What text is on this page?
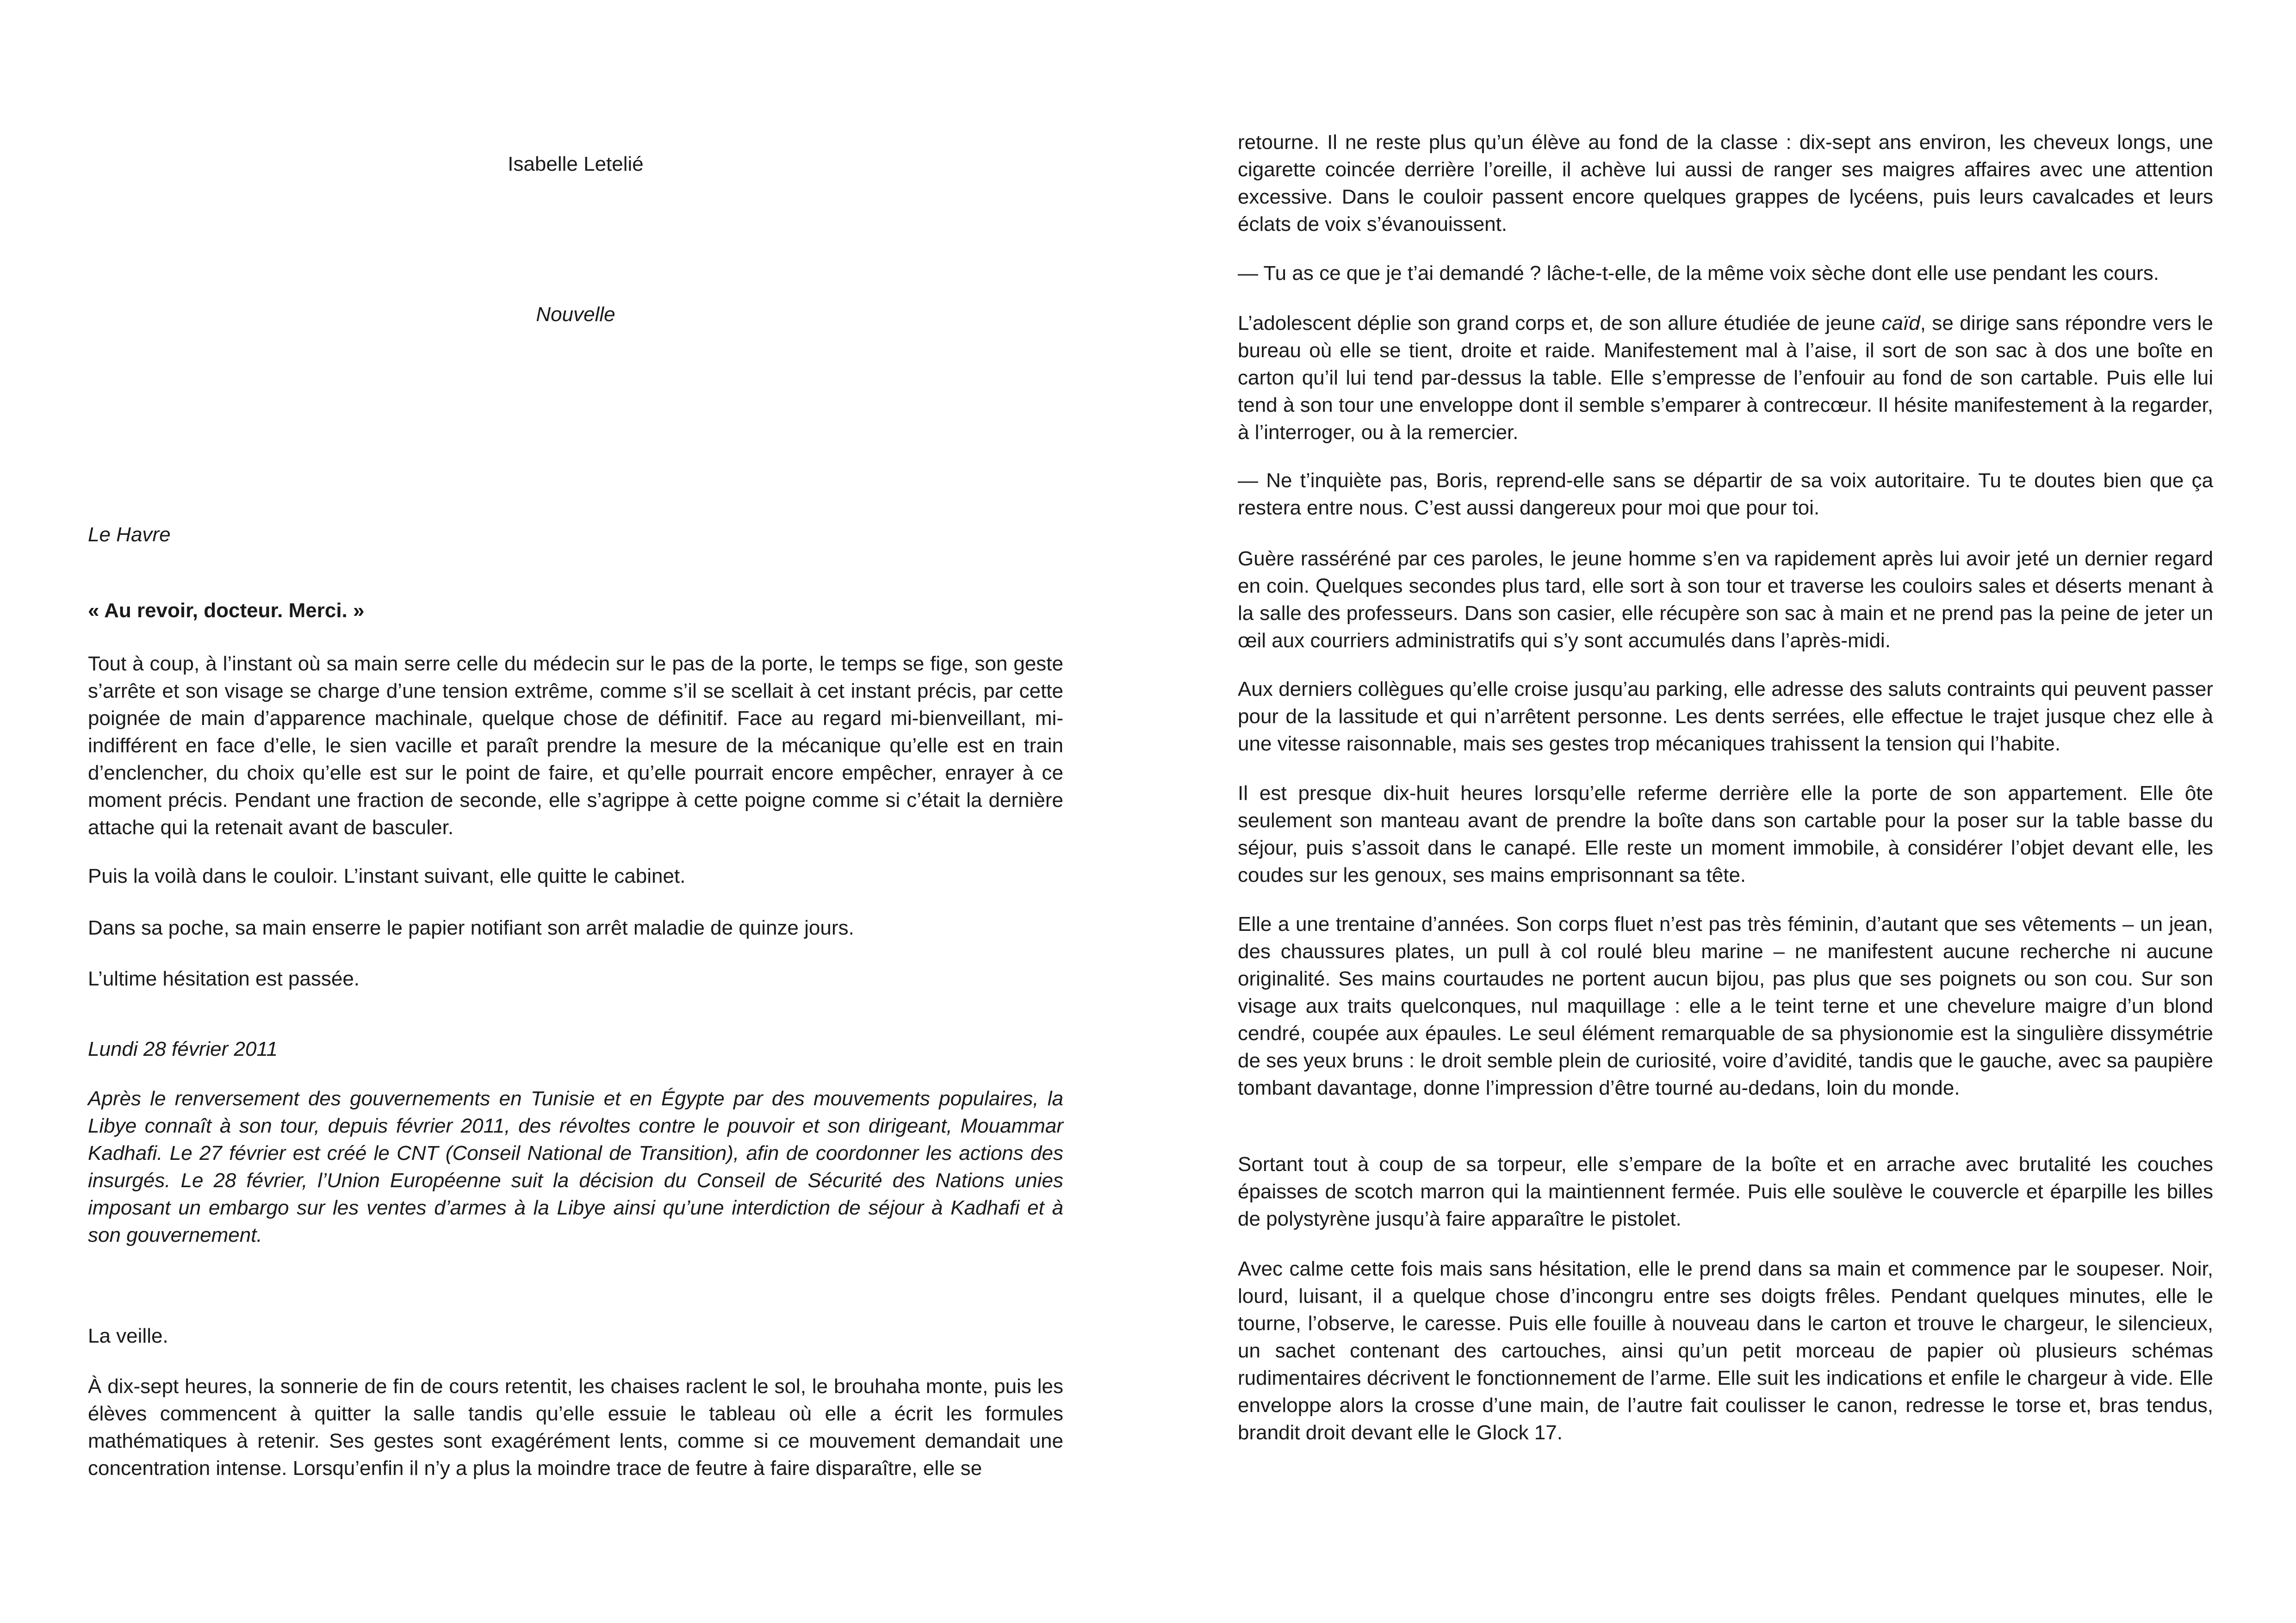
Isabelle Letelié

Nouvelle

Le Havre

« Au revoir, docteur. Merci. »

Tout à coup, à l’instant où sa main serre celle du médecin sur le pas de la porte, le temps se fige, son geste s’arrête et son visage se charge d’une tension extrême, comme s’il se scellait à cet instant précis, par cette poignée de main d’apparence machinale, quelque chose de définitif. Face au regard mi-bienveillant, mi-indifférent en face d’elle, le sien vacille et paraît prendre la mesure de la mécanique qu’elle est en train d’enclencher, du choix qu’elle est sur le point de faire, et qu’elle pourrait encore empêcher, enrayer à ce moment précis. Pendant une fraction de seconde, elle s’agrippe à cette poigne comme si c’était la dernière attache qui la retenait avant de basculer.

Puis la voilà dans le couloir. L’instant suivant, elle quitte le cabinet.

Dans sa poche, sa main enserre le papier notifiant son arrêt maladie de quinze jours.

L’ultime hésitation est passée.

Lundi 28 février 2011

Après le renversement des gouvernements en Tunisie et en Égypte par des mouvements populaires, la Libye connaît à son tour, depuis février 2011, des révoltes contre le pouvoir et son dirigeant, Mouammar Kadhafi. Le 27 février est créé le CNT (Conseil National de Transition), afin de coordonner les actions des insurgés. Le 28 février, l’Union Européenne suit la décision du Conseil de Sécurité des Nations unies imposant un embargo sur les ventes d’armes à la Libye ainsi qu’une interdiction de séjour à Kadhafi et à son gouvernement.

La veille.

À dix-sept heures, la sonnerie de fin de cours retentit, les chaises raclent le sol, le brouhaha monte, puis les élèves commencent à quitter la salle tandis qu’elle essuie le tableau où elle a écrit les formules mathématiques à retenir. Ses gestes sont exagérément lents, comme si ce mouvement demandait une concentration intense. Lorsqu’enfin il n’y a plus la moindre trace de feutre à faire disparaître, elle se

retourne. Il ne reste plus qu’un élève au fond de la classe : dix-sept ans environ, les cheveux longs, une cigarette coincée derrière l’oreille, il achève lui aussi de ranger ses maigres affaires avec une attention excessive. Dans le couloir passent encore quelques grappes de lycéens, puis leurs cavalcades et leurs éclats de voix s’évanouissent.

— Tu as ce que je t’ai demandé ? lâche-t-elle, de la même voix sèche dont elle use pendant les cours.

L’adolescent déplie son grand corps et, de son allure étudiée de jeune caïd, se dirige sans répondre vers le bureau où elle se tient, droite et raide. Manifestement mal à l’aise, il sort de son sac à dos une boîte en carton qu’il lui tend par-dessus la table. Elle s’empresse de l’enfouir au fond de son cartable. Puis elle lui tend à son tour une enveloppe dont il semble s’emparer à contrecœur. Il hésite manifestement à la regarder, à l’interroger, ou à la remercier.

— Ne t’inquiète pas, Boris, reprend-elle sans se départir de sa voix autoritaire. Tu te doutes bien que ça restera entre nous. C’est aussi dangereux pour moi que pour toi.

Guère rasséréné par ces paroles, le jeune homme s’en va rapidement après lui avoir jeté un dernier regard en coin. Quelques secondes plus tard, elle sort à son tour et traverse les couloirs sales et déserts menant à la salle des professeurs. Dans son casier, elle récupère son sac à main et ne prend pas la peine de jeter un œil aux courriers administratifs qui s’y sont accumulés dans l’après-midi.

Aux derniers collègues qu’elle croise jusqu’au parking, elle adresse des saluts contraints qui peuvent passer pour de la lassitude et qui n’arrêtent personne. Les dents serrées, elle effectue le trajet jusque chez elle à une vitesse raisonnable, mais ses gestes trop mécaniques trahissent la tension qui l’habite.

Il est presque dix-huit heures lorsqu’elle referme derrière elle la porte de son appartement. Elle ôte seulement son manteau avant de prendre la boîte dans son cartable pour la poser sur la table basse du séjour, puis s’assoit dans le canapé. Elle reste un moment immobile, à considérer l’objet devant elle, les coudes sur les genoux, ses mains emprisonnant sa tête.

Elle a une trentaine d’années. Son corps fluet n’est pas très féminin, d’autant que ses vêtements – un jean, des chaussures plates, un pull à col roulé bleu marine – ne manifestent aucune recherche ni aucune originalité. Ses mains courtaudes ne portent aucun bijou, pas plus que ses poignets ou son cou. Sur son visage aux traits quelconques, nul maquillage : elle a le teint terne et une chevelure maigre d’un blond cendré, coupée aux épaules. Le seul élément remarquable de sa physionomie est la singulière dissymétrie de ses yeux bruns : le droit semble plein de curiosité, voire d’avidité, tandis que le gauche, avec sa paupière tombant davantage, donne l’impression d’être tourné au-dedans, loin du monde.

Sortant tout à coup de sa torpeur, elle s’empare de la boîte et en arrache avec brutalité les couches épaisses de scotch marron qui la maintiennent fermée. Puis elle soulève le couvercle et éparpille les billes de polystyrène jusqu’à faire apparaître le pistolet.

Avec calme cette fois mais sans hésitation, elle le prend dans sa main et commence par le soupeser. Noir, lourd, luisant, il a quelque chose d’incongru entre ses doigts frêles. Pendant quelques minutes, elle le tourne, l’observe, le caresse. Puis elle fouille à nouveau dans le carton et trouve le chargeur, le silencieux, un sachet contenant des cartouches, ainsi qu’un petit morceau de papier où plusieurs schémas rudimentaires décrivent le fonctionnement de l’arme. Elle suit les indications et enfile le chargeur à vide. Elle enveloppe alors la crosse d’une main, de l’autre fait coulisser le canon, redresse le torse et, bras tendus, brandit droit devant elle le Glock 17.
